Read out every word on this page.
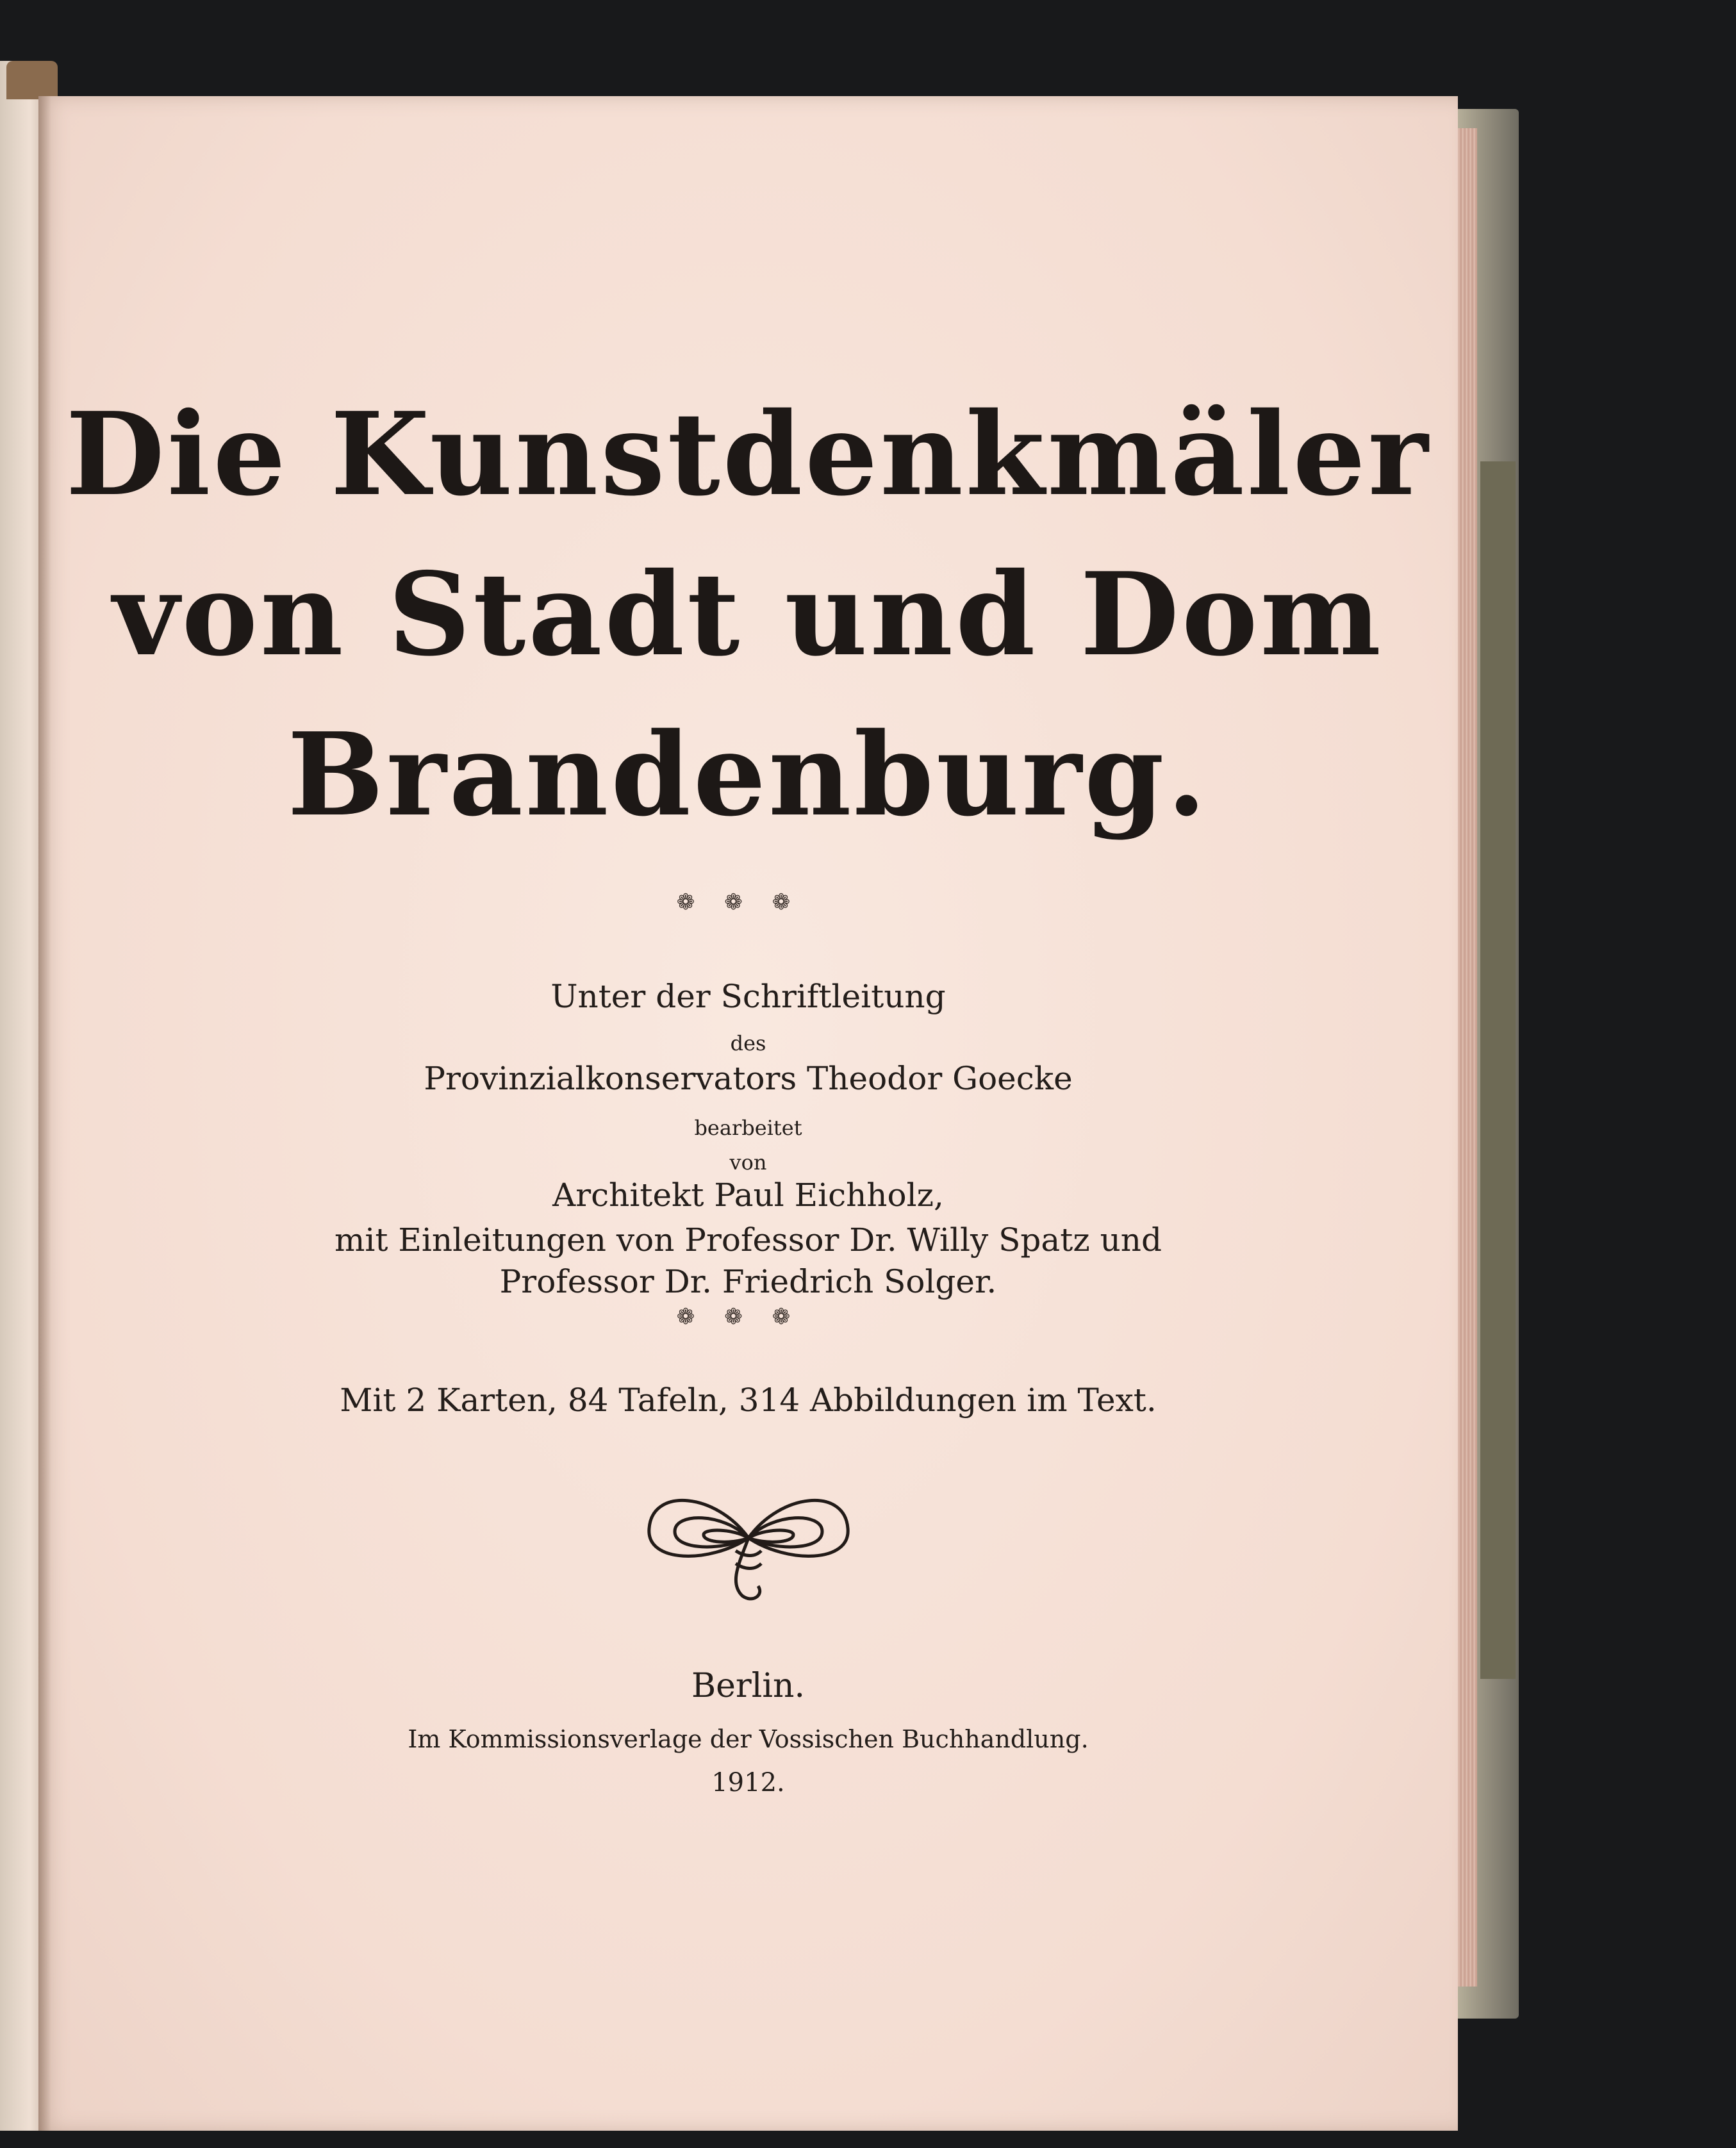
Die Kunstdenkmäler
von Stadt und Dom
Brandenburg.
❁❁❁
Unter der Schriftleitung
des
Provinzialkonservators Theodor Goecke
bearbeitet
von
Architekt Paul Eichholz,
mit Einleitungen von Professor Dr. Willy Spatz und
Professor Dr. Friedrich Solger.
❁❁❁
Mit 2 Karten, 84 Tafeln, 314 Abbildungen im Text.
Berlin.
Im Kommissionsverlage der Vossischen Buchhandlung.
1912.
